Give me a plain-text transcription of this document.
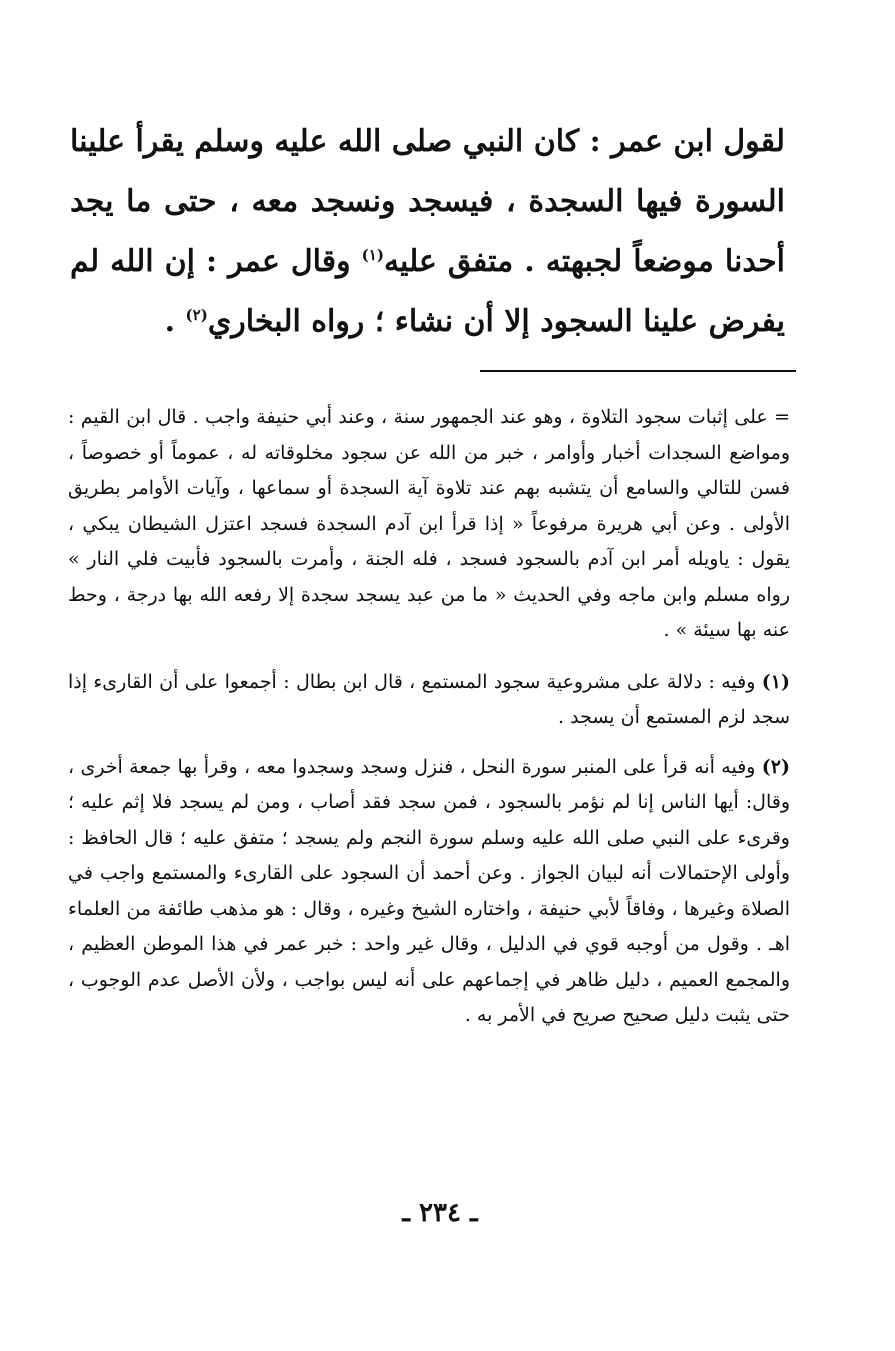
لقول ابن عمر : كان النبي صلى الله عليه وسلم يقرأ علينا السورة فيها السجدة ، فيسجد ونسجد معه ، حتى ما يجد أحدنا موضعاً لجبهته . متفق عليه$^{(١)}$ وقال عمر : إن الله لم يفرض علينا السجود إلا أن نشاء ؛ رواه البخاري$^{(٢)}$ .

= على إثبات سجود التلاوة ، وهو عند الجمهور سنة ، وعند أبي حنيفة واجب . قال ابن القيم : ومواضع السجدات أخبار وأوامر ، خبر من الله عن سجود مخلوقاته له ، عموماً أو خصوصاً ، فسن للتالي والسامع أن يتشبه بهم عند تلاوة آية السجدة أو سماعها ، وآيات الأوامر بطريق الأولى . وعن أبي هريرة مرفوعاً « إذا قرأ ابن آدم السجدة فسجد اعتزل الشيطان يبكي ، يقول : ياويله أمر ابن آدم بالسجود فسجد ، فله الجنة ، وأمرت بالسجود فأبيت فلي النار » رواه مسلم وابن ماجه وفي الحديث « ما من عبد يسجد سجدة إلا رفعه الله بها درجة ، وحط عنه بها سيئة » .

(١) وفيه : دلالة على مشروعية سجود المستمع ، قال ابن بطال : أجمعوا على أن القارىء إذا سجد لزم المستمع أن يسجد .

(٢) وفيه أنه قرأ على المنبر سورة النحل ، فنزل وسجد وسجدوا معه ، وقرأ بها جمعة أخرى ، وقال: أيها الناس إنا لم نؤمر بالسجود ، فمن سجد فقد أصاب ، ومن لم يسجد فلا إثم عليه ؛ وقرىء على النبي صلى الله عليه وسلم سورة النجم ولم يسجد ؛ متفق عليه ؛ قال الحافظ : وأولى الإحتمالات أنه لبيان الجواز . وعن أحمد أن السجود على القارىء والمستمع واجب في الصلاة وغيرها ، وفاقاً لأبي حنيفة ، واختاره الشيخ وغيره ، وقال : هو مذهب طائفة من العلماء اهـ . وقول من أوجبه قوي في الدليل ، وقال غير واحد : خبر عمر في هذا الموطن العظيم ، والمجمع العميم ، دليل ظاهر في إجماعهم على أنه ليس بواجب ، ولأن الأصل عدم الوجوب ، حتى يثبت دليل صحيح صريح في الأمر به .

ـ ٢٣٤ ـ
